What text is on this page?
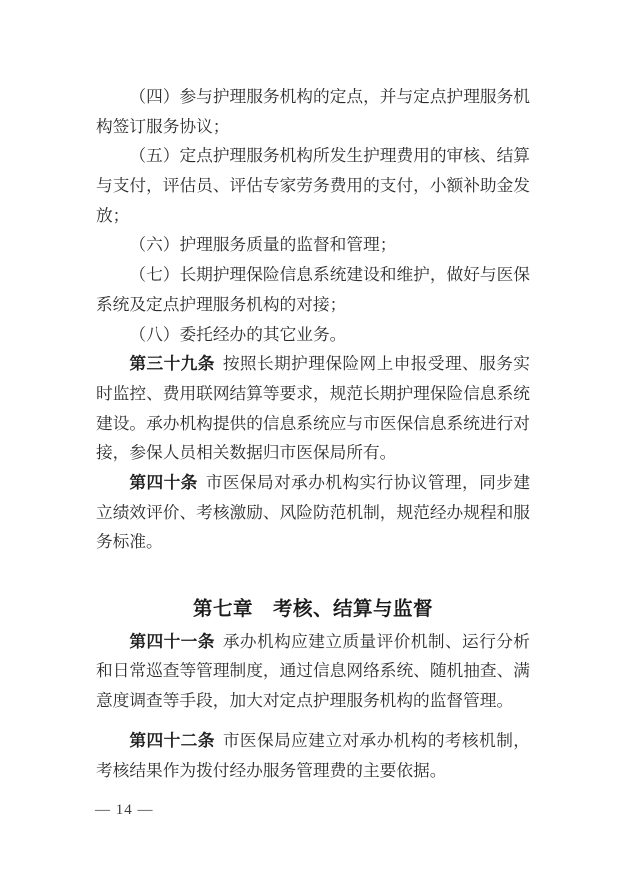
（四）参与护理服务机构的定点，并与定点护理服务机
构签订服务协议；
（五）定点护理服务机构所发生护理费用的审核、结算
与支付，评估员、评估专家劳务费用的支付，小额补助金发
放；
（六）护理服务质量的监督和管理；
（七）长期护理保险信息系统建设和维护，做好与医保
系统及定点护理服务机构的对接；
（八）委托经办的其它业务。
第三十九条 按照长期护理保险网上申报受理、服务实
时监控、费用联网结算等要求，规范长期护理保险信息系统
建设。承办机构提供的信息系统应与市医保信息系统进行对
接，参保人员相关数据归市医保局所有。
第四十条 市医保局对承办机构实行协议管理，同步建
立绩效评价、考核激励、风险防范机制，规范经办规程和服
务标准。
第七章　考核、结算与监督
第四十一条 承办机构应建立质量评价机制、运行分析
和日常巡查等管理制度，通过信息网络系统、随机抽查、满
意度调查等手段，加大对定点护理服务机构的监督管理。
第四十二条 市医保局应建立对承办机构的考核机制，
考核结果作为拨付经办服务管理费的主要依据。
— 14 —
